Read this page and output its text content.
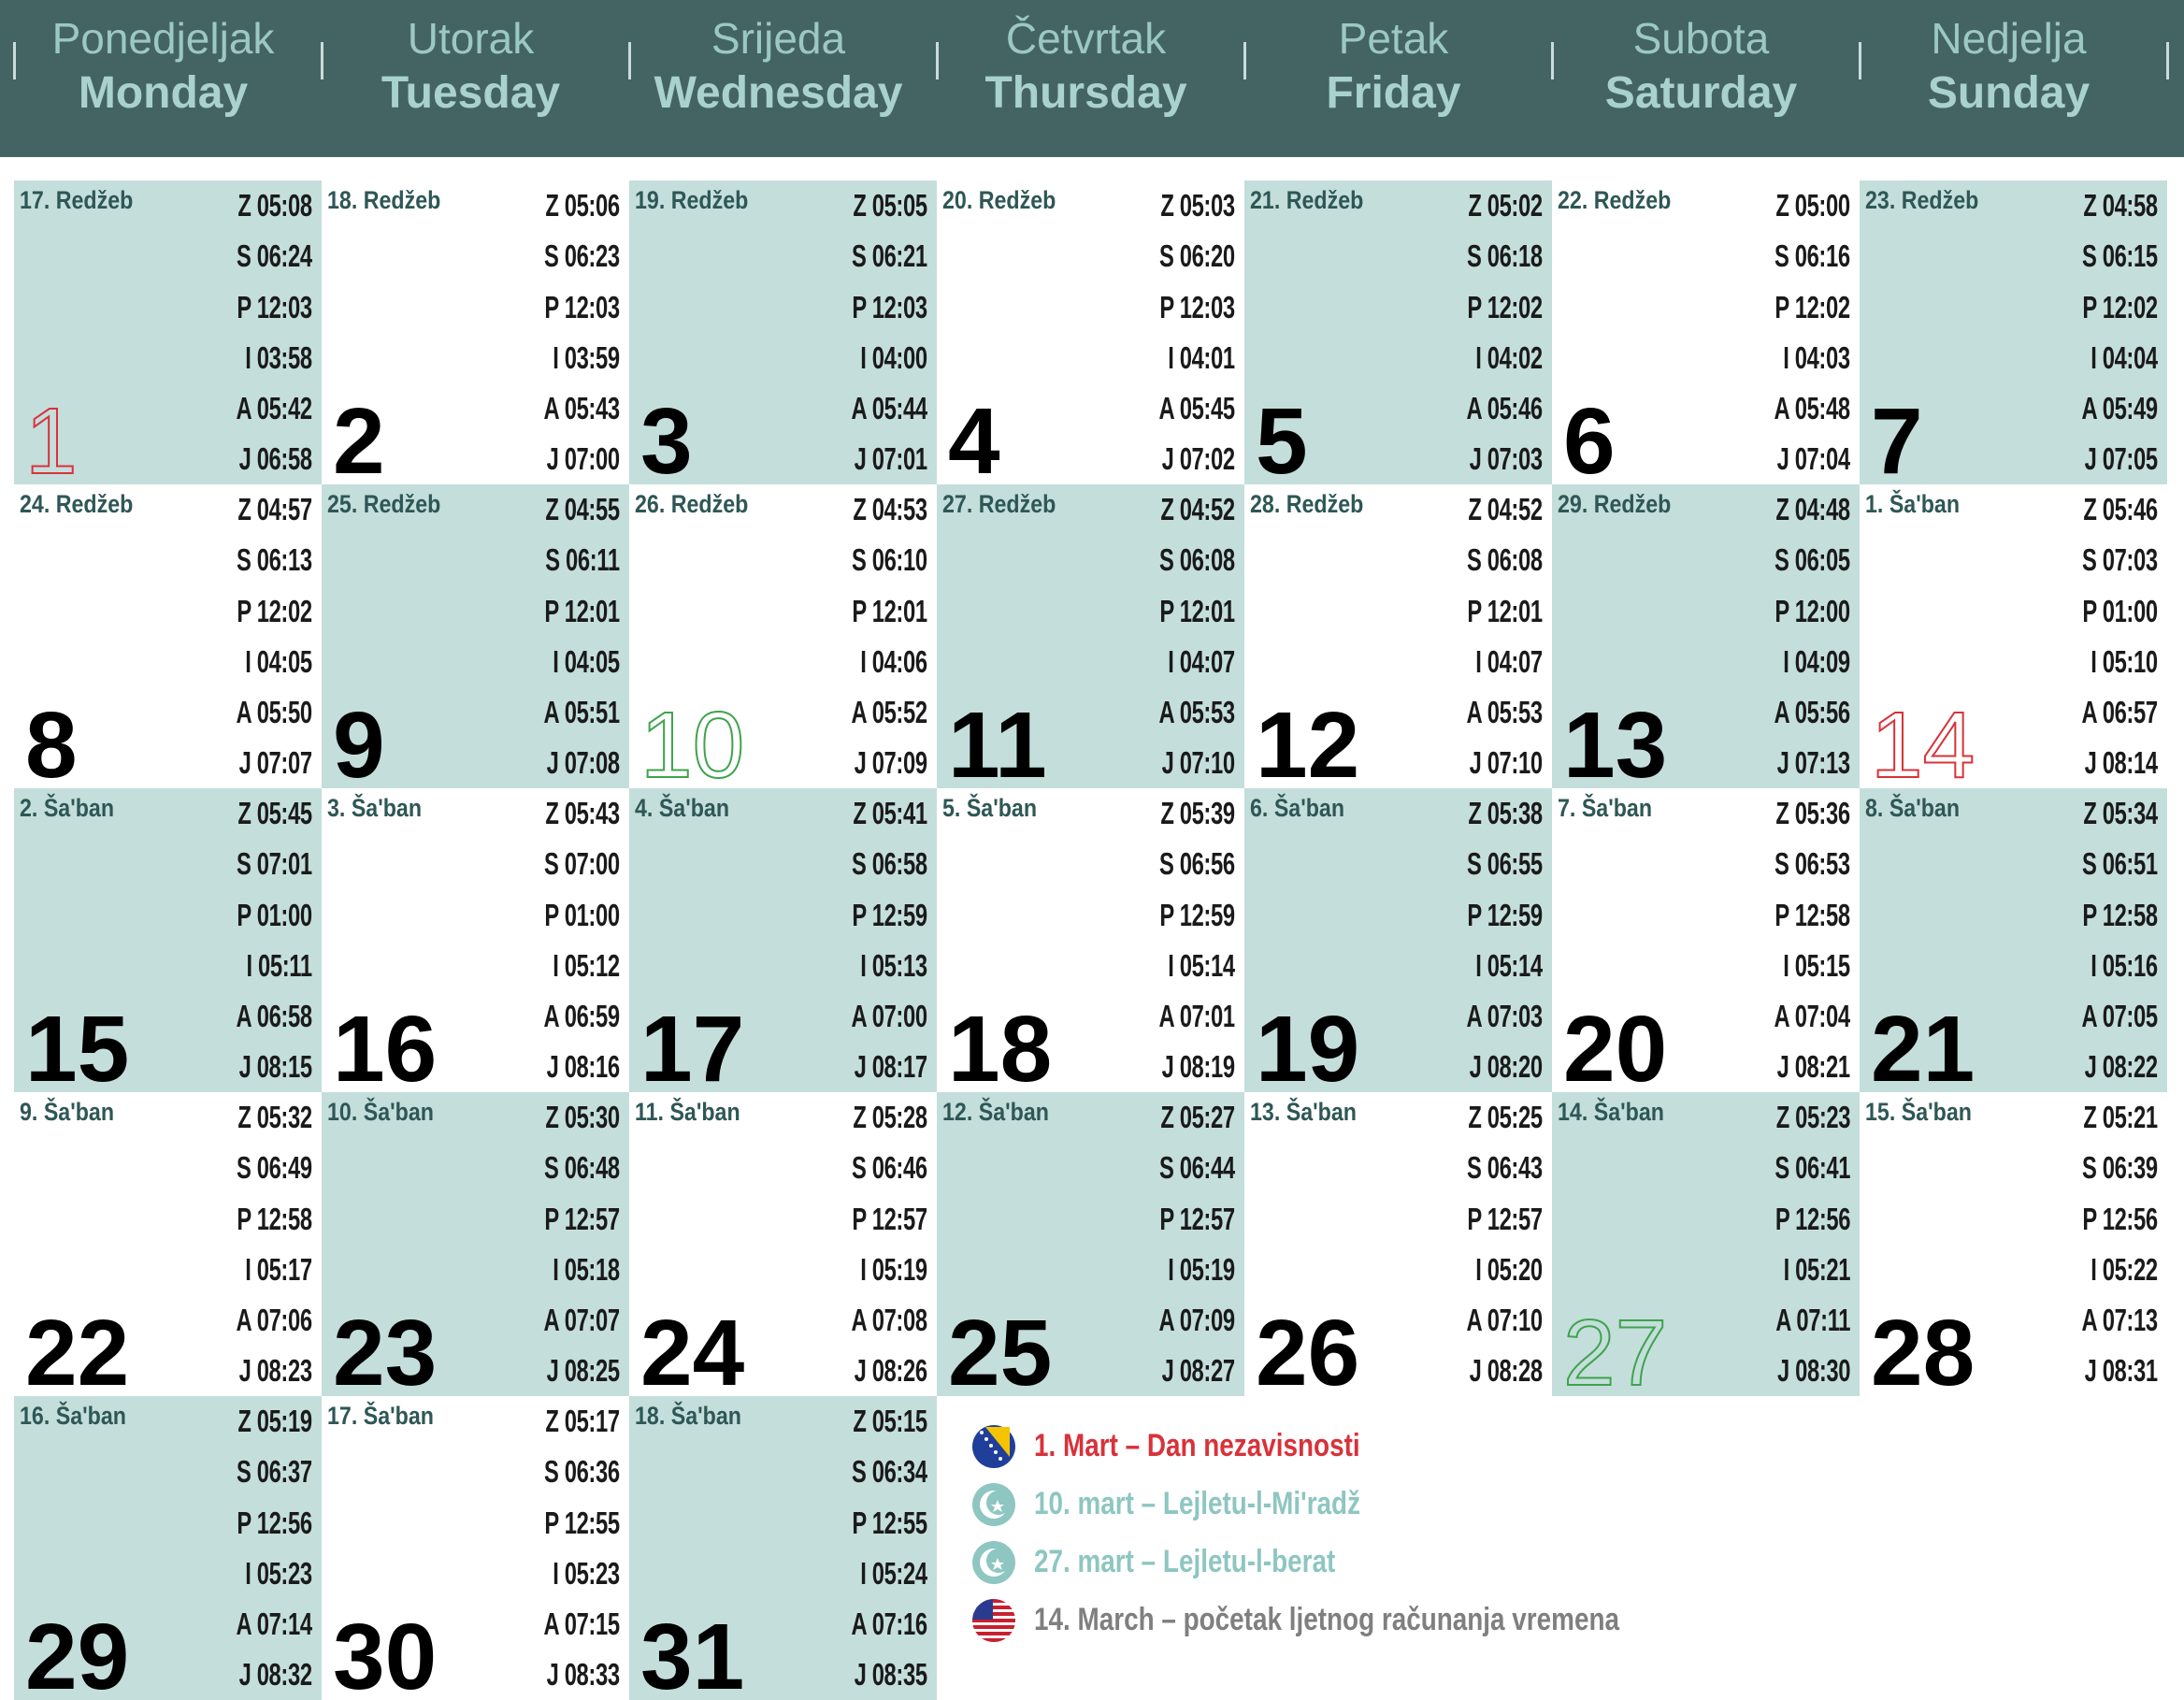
Ponedjeljak
Monday
Utorak
Tuesday
Srijeda
Wednesday
Četvrtak
Thursday
Petak
Friday
Subota
Saturday
Nedjelja
Sunday
17. Redžeb	Z 05:08
S 06:24
P 12:03
I 03:58
A 05:42
J 06:58
1
18. Redžeb	Z 05:06
S 06:23
P 12:03
I 03:59
A 05:43
J 07:00
2
19. Redžeb	Z 05:05
S 06:21
P 12:03
I 04:00
A 05:44
J 07:01
3
20. Redžeb	Z 05:03
S 06:20
P 12:03
I 04:01
A 05:45
J 07:02
4
21. Redžeb	Z 05:02
S 06:18
P 12:02
I 04:02
A 05:46
J 07:03
5
22. Redžeb	Z 05:00
S 06:16
P 12:02
I 04:03
A 05:48
J 07:04
6
23. Redžeb	Z 04:58
S 06:15
P 12:02
I 04:04
A 05:49
J 07:05
7
24. Redžeb	Z 04:57
S 06:13
P 12:02
I 04:05
A 05:50
J 07:07
8
25. Redžeb	Z 04:55
S 06:11
P 12:01
I 04:05
A 05:51
J 07:08
9
26. Redžeb	Z 04:53
S 06:10
P 12:01
I 04:06
A 05:52
J 07:09
10
27. Redžeb	Z 04:52
S 06:08
P 12:01
I 04:07
A 05:53
J 07:10
11
28. Redžeb	Z 04:52
S 06:08
P 12:01
I 04:07
A 05:53
J 07:10
12
29. Redžeb	Z 04:48
S 06:05
P 12:00
I 04:09
A 05:56
J 07:13
13
1. Ša'ban	Z 05:46
S 07:03
P 01:00
I 05:10
A 06:57
J 08:14
14
2. Ša'ban	Z 05:45
S 07:01
P 01:00
I 05:11
A 06:58
J 08:15
15
3. Ša'ban	Z 05:43
S 07:00
P 01:00
I 05:12
A 06:59
J 08:16
16
4. Ša'ban	Z 05:41
S 06:58
P 12:59
I 05:13
A 07:00
J 08:17
17
5. Ša'ban	Z 05:39
S 06:56
P 12:59
I 05:14
A 07:01
J 08:19
18
6. Ša'ban	Z 05:38
S 06:55
P 12:59
I 05:14
A 07:03
J 08:20
19
7. Ša'ban	Z 05:36
S 06:53
P 12:58
I 05:15
A 07:04
J 08:21
20
8. Ša'ban	Z 05:34
S 06:51
P 12:58
I 05:16
A 07:05
J 08:22
21
9. Ša'ban	Z 05:32
S 06:49
P 12:58
I 05:17
A 07:06
J 08:23
22
10. Ša'ban	Z 05:30
S 06:48
P 12:57
I 05:18
A 07:07
J 08:25
23
11. Ša'ban	Z 05:28
S 06:46
P 12:57
I 05:19
A 07:08
J 08:26
24
12. Ša'ban	Z 05:27
S 06:44
P 12:57
I 05:19
A 07:09
J 08:27
25
13. Ša'ban	Z 05:25
S 06:43
P 12:57
I 05:20
A 07:10
J 08:28
26
14. Ša'ban	Z 05:23
S 06:41
P 12:56
I 05:21
A 07:11
J 08:30
27
15. Ša'ban	Z 05:21
S 06:39
P 12:56
I 05:22
A 07:13
J 08:31
28
16. Ša'ban	Z 05:19
S 06:37
P 12:56
I 05:23
A 07:14
J 08:32
29
17. Ša'ban	Z 05:17
S 06:36
P 12:55
I 05:23
A 07:15
J 08:33
30
18. Ša'ban	Z 05:15
S 06:34
P 12:55
I 05:24
A 07:16
J 08:35
31
1. Mart – Dan nezavisnosti
10. mart – Lejletu-l-Mi'radž
27. mart – Lejletu-l-berat
14. March – početak ljetnog računanja vremena
